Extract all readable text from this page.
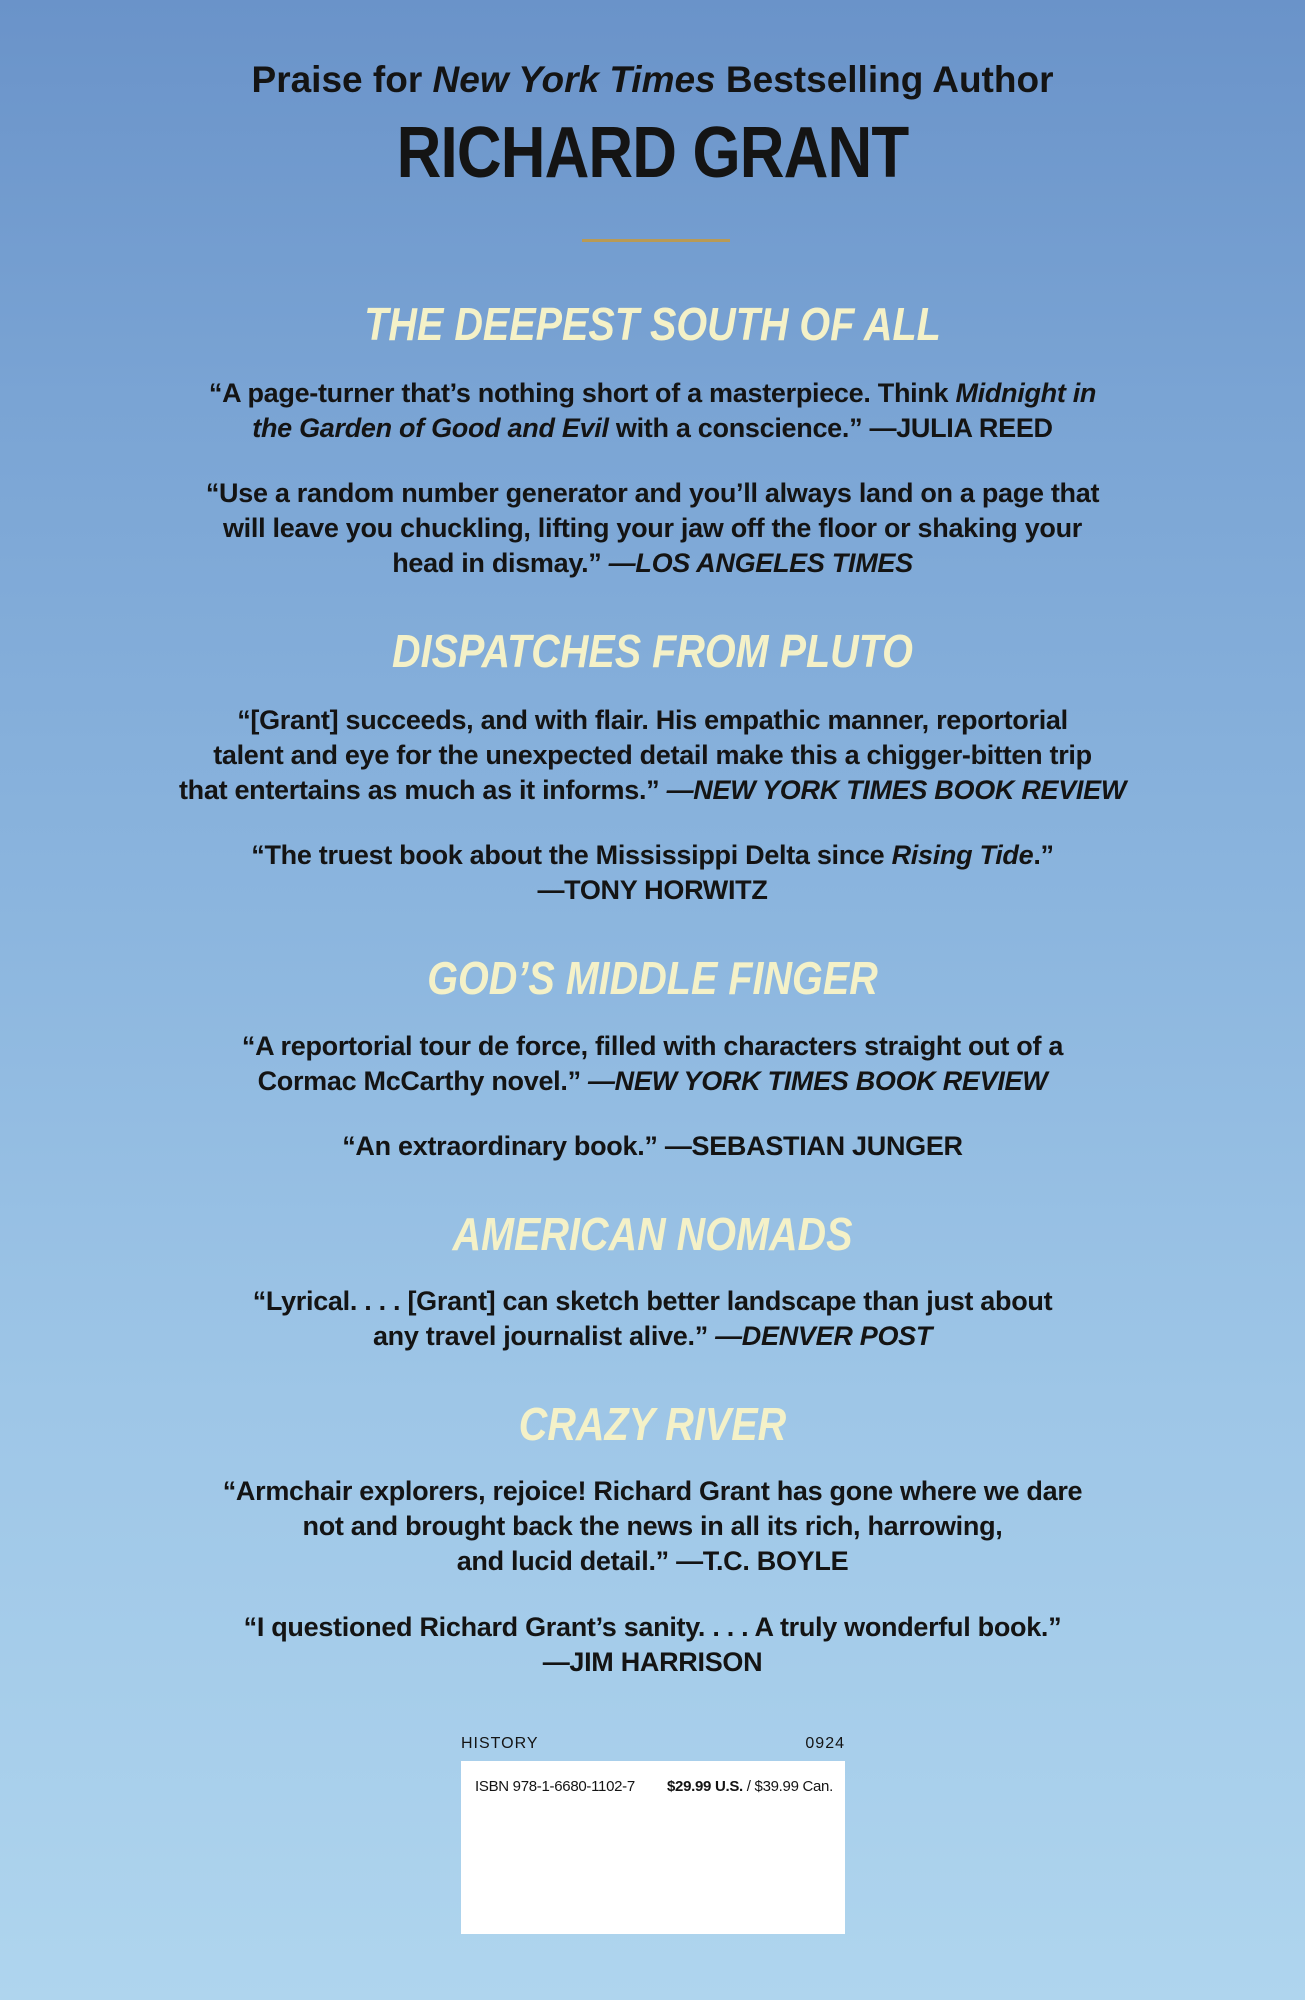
Praise for New York Times Bestselling Author
RICHARD GRANT
THE DEEPEST SOUTH OF ALL
“A page-turner that’s nothing short of a masterpiece. Think Midnight in
the Garden of Good and Evil with a conscience.” —JULIA REED
“Use a random number generator and you’ll always land on a page that
will leave you chuckling, lifting your jaw off the floor or shaking your
head in dismay.” —LOS ANGELES TIMES
DISPATCHES FROM PLUTO
“[Grant] succeeds, and with flair. His empathic manner, reportorial
talent and eye for the unexpected detail make this a chigger-bitten trip
that entertains as much as it informs.” —NEW YORK TIMES BOOK REVIEW
“The truest book about the Mississippi Delta since Rising Tide.”
—TONY HORWITZ
GOD’S MIDDLE FINGER
“A reportorial tour de force, filled with characters straight out of a
Cormac McCarthy novel.” —NEW YORK TIMES BOOK REVIEW
“An extraordinary book.” —SEBASTIAN JUNGER
AMERICAN NOMADS
“Lyrical. . . . [Grant] can sketch better landscape than just about
any travel journalist alive.” —DENVER POST
CRAZY RIVER
“Armchair explorers, rejoice! Richard Grant has gone where we dare
not and brought back the news in all its rich, harrowing,
and lucid detail.” —T.C. BOYLE
“I questioned Richard Grant’s sanity. . . . A truly wonderful book.”
—JIM HARRISON
HISTORY	0924
ISBN 978-1-6680-1102-7 $29.99 U.S. / $39.99 Can.
